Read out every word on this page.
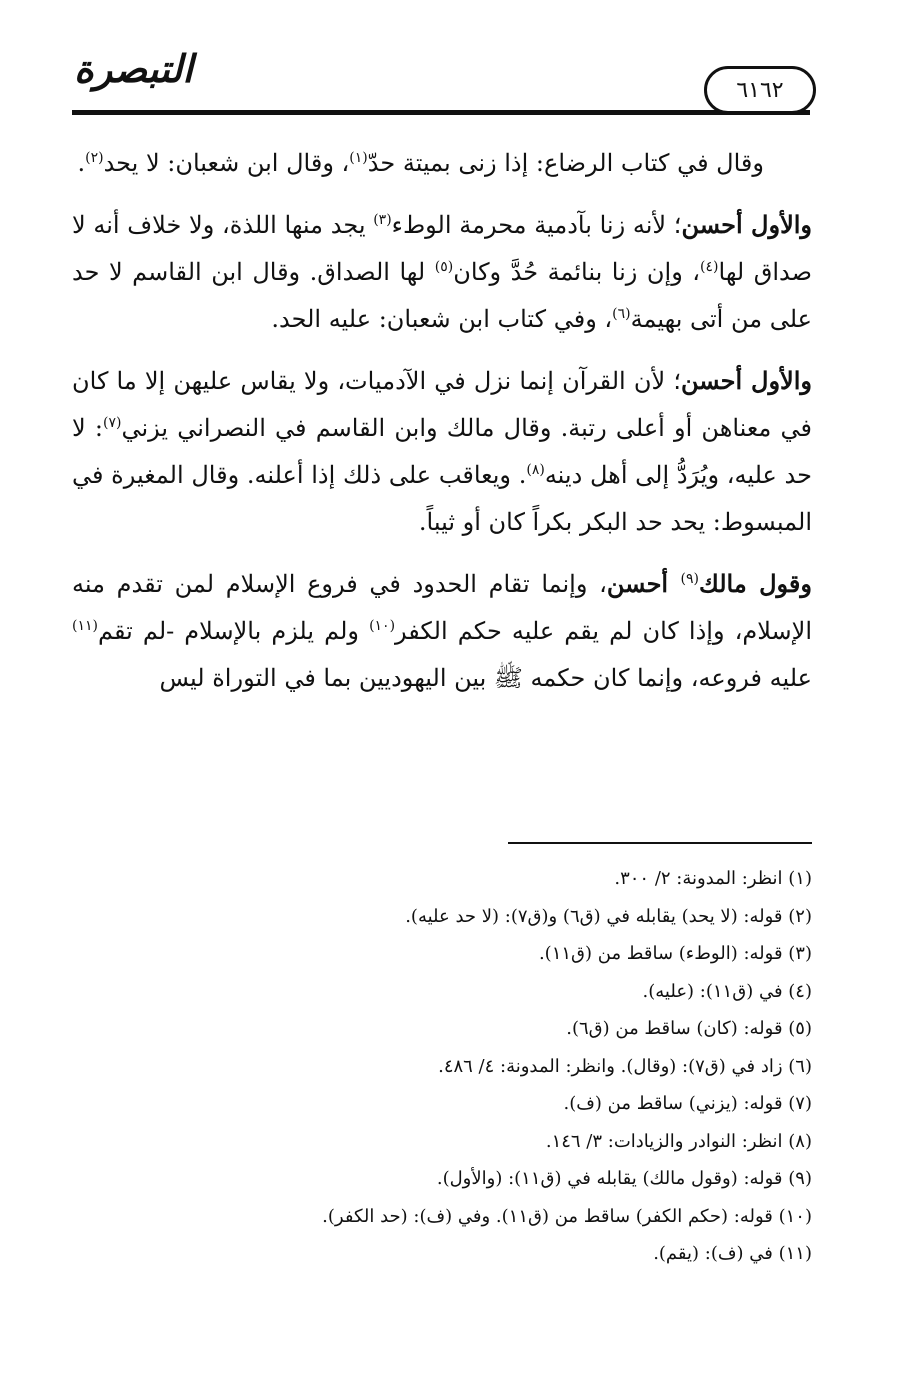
التبصرة	٦١٦٢

وقال في كتاب الرضاع: إذا زنى بميتة حدّ$^{(١)}$، وقال ابن شعبان: لا يحد$^{(٢)}$.

والأول أحسن؛ لأنه زنا بآدمية محرمة الوطء$^{(٣)}$ يجد منها اللذة، ولا خلاف أنه لا صداق لها$^{(٤)}$، وإن زنا بنائمة حُدَّ وكان$^{(٥)}$ لها الصداق. وقال ابن القاسم لا حد على من أتى بهيمة$^{(٦)}$، وفي كتاب ابن شعبان: عليه الحد.

والأول أحسن؛ لأن القرآن إنما نزل في الآدميات، ولا يقاس عليهن إلا ما كان في معناهن أو أعلى رتبة. وقال مالك وابن القاسم في النصراني يزني$^{(٧)}$: لا حد عليه، ويُرَدُّ إلى أهل دينه$^{(٨)}$. ويعاقب على ذلك إذا أعلنه. وقال المغيرة في المبسوط: يحد حد البكر بكراً كان أو ثيباً.

وقول مالك$^{(٩)}$ أحسن، وإنما تقام الحدود في فروع الإسلام لمن تقدم منه الإسلام، وإذا كان لم يقم عليه حكم الكفر$^{(١٠)}$ ولم يلزم بالإسلام -لم تقم$^{(١١)}$ عليه فروعه، وإنما كان حكمه ﷺ بين اليهوديين بما في التوراة ليس

(١) انظر: المدونة: ٢/ ٣٠٠.
(٢) قوله: (لا يحد) يقابله في (ق٦) و(ق٧): (لا حد عليه).
(٣) قوله: (الوطء) ساقط من (ق١١).
(٤) في (ق١١): (عليه).
(٥) قوله: (كان) ساقط من (ق٦).
(٦) زاد في (ق٧): (وقال). وانظر: المدونة: ٤/ ٤٨٦.
(٧) قوله: (يزني) ساقط من (ف).
(٨) انظر: النوادر والزيادات: ٣/ ١٤٦.
(٩) قوله: (وقول مالك) يقابله في (ق١١): (والأول).
(١٠) قوله: (حكم الكفر) ساقط من (ق١١). وفي (ف): (حد الكفر).
(١١) في (ف): (يقم).
